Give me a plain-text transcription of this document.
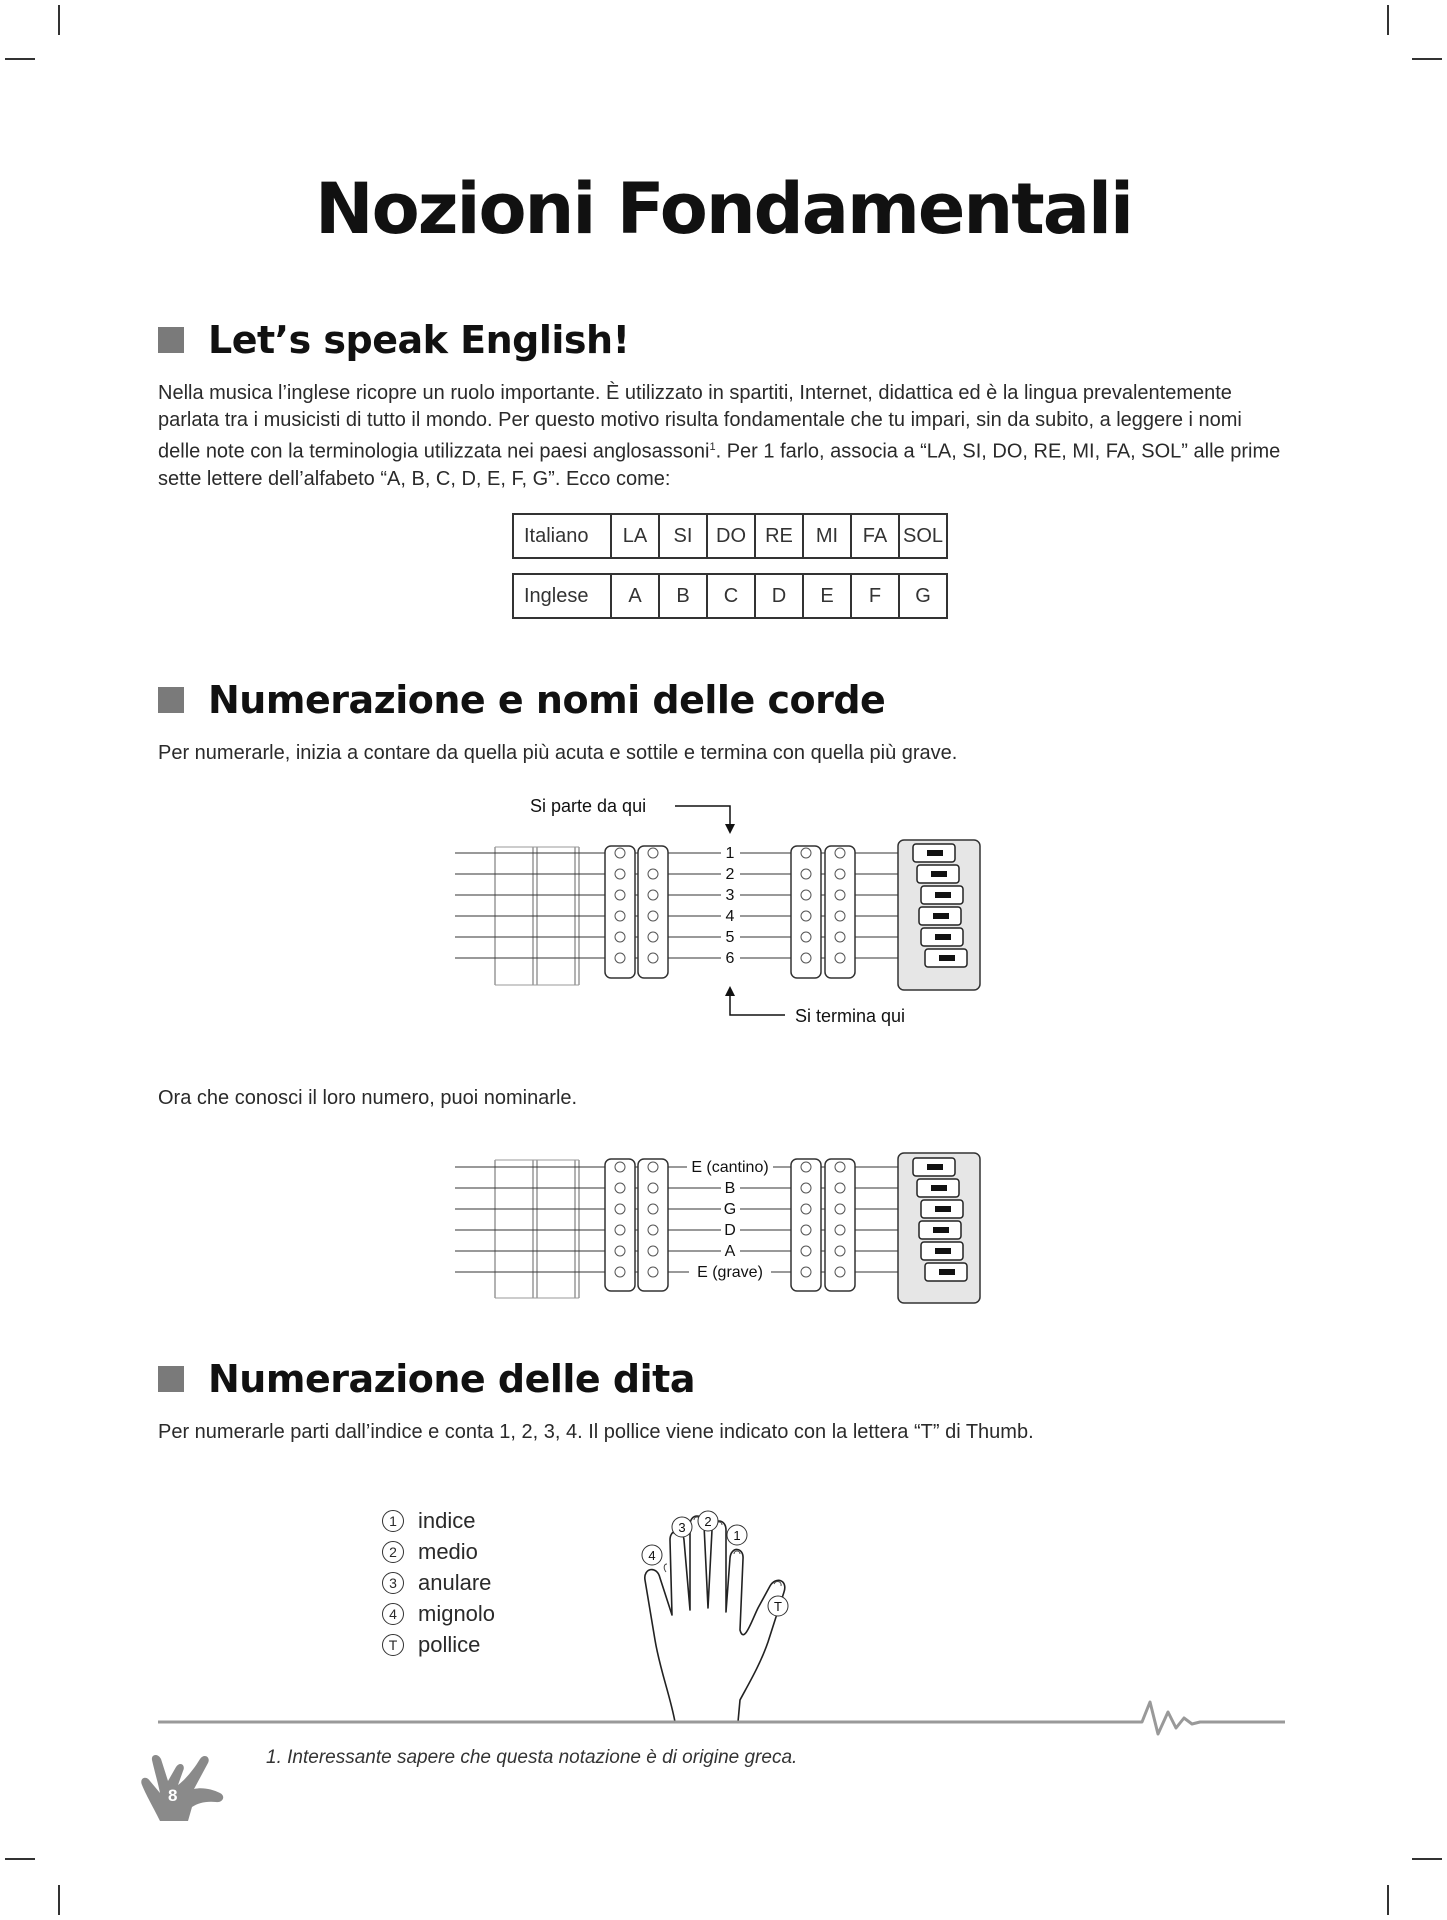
Nozioni Fondamentali
Let’s speak English!
Nella musica l’inglese ricopre un ruolo importante. È utilizzato in spartiti, Internet, didattica ed è la lingua prevalentemente parlata tra i musicisti di tutto il mondo. Per questo motivo risulta fondamentale che tu impari, sin da subito, a leggere i nomi delle note con la terminologia utilizzata nei paesi anglosassoni$^1$. Per 1 farlo, associa a “LA, SI, DO, RE, MI, FA, SOL” alle prime sette lettere dell’alfabeto “A, B, C, D, E, F, G”. Ecco come:
Italiano	LA	SI	DO	RE	MI	FA	SOL
Inglese	A	B	C	D	E	F	G
Numerazione e nomi delle corde
Per numerarle, inizia a contare da quella più acuta e sottile e termina con quella più grave.
Si parte da qui
1
2
3
4
5
6
Si termina qui
Ora che conosci il loro numero, puoi nominarle.
E (cantino)
B
G
D
A
E (grave)
Numerazione delle dita
Per numerarle parti dall’indice e conta 1, 2, 3, 4. Il pollice viene indicato con la lettera “T” di Thumb.
1 indice
2 medio
3 anulare
4 mignolo
T pollice
4
3 2
1
T
1. Interessante sapere che questa notazione è di origine greca.
8
